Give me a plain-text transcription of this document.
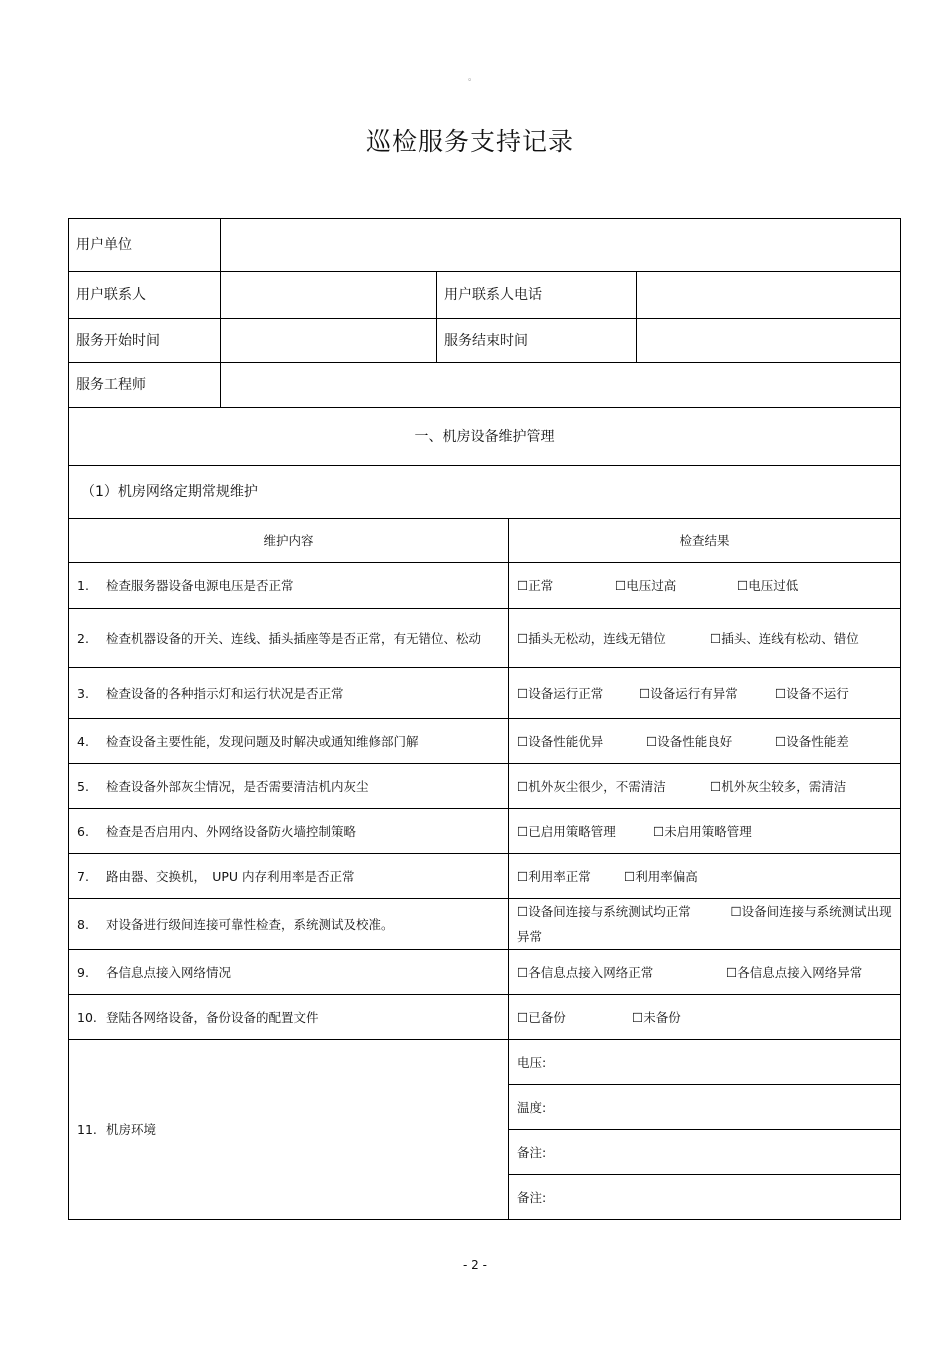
。
巡检服务支持记录
用户单位			
用户联系人		用户联系人电话	
服务开始时间		服务结束时间	
服务工程师			
一、机房设备维护管理			
（1）机房网络定期常规维护			
维护内容	检查结果
1. 检查服务器设备电源电压是否正常	☐正常 ☐电压过高 ☐电压过低

2. 检查机器设备的开关、连线、插头插座等是否正常，有无错位、松动	☐插头无松动，连线无错位 ☐插头、连线有松动、错位
3. 检查设备的各种指示灯和运行状况是否正常	☐设备运行正常 ☐设备运行有异常 ☐设备不运行
4. 检查设备主要性能，发现问题及时解决或通知维修部门解	☐设备性能优异 ☐设备性能良好 ☐设备性能差
5. 检查设备外部灰尘情况，是否需要清洁机内灰尘	☐机外灰尘很少，不需清洁 ☐机外灰尘较多，需清洁
6. 检查是否启用内、外网络设备防火墙控制策略	☐已启用策略管理 ☐未启用策略管理
7. 路由器、交换机，　UPU 内存利用率是否正常	☐利用率正常 ☐利用率偏高
8. 对设备进行级间连接可靠性检查，系统测试及校准。	☐设备间连接与系统测试均正常 ☐设备间连接与系统测试出现异常
9. 各信息点接入网络情况	☐各信息点接入网络正常 ☐各信息点接入网络异常
10. 登陆各网络设备，备份设备的配置文件	☐已备份 ☐未备份
11. 机房环境	电压:
	温度:
	备注:
	备注:
- 2 -
